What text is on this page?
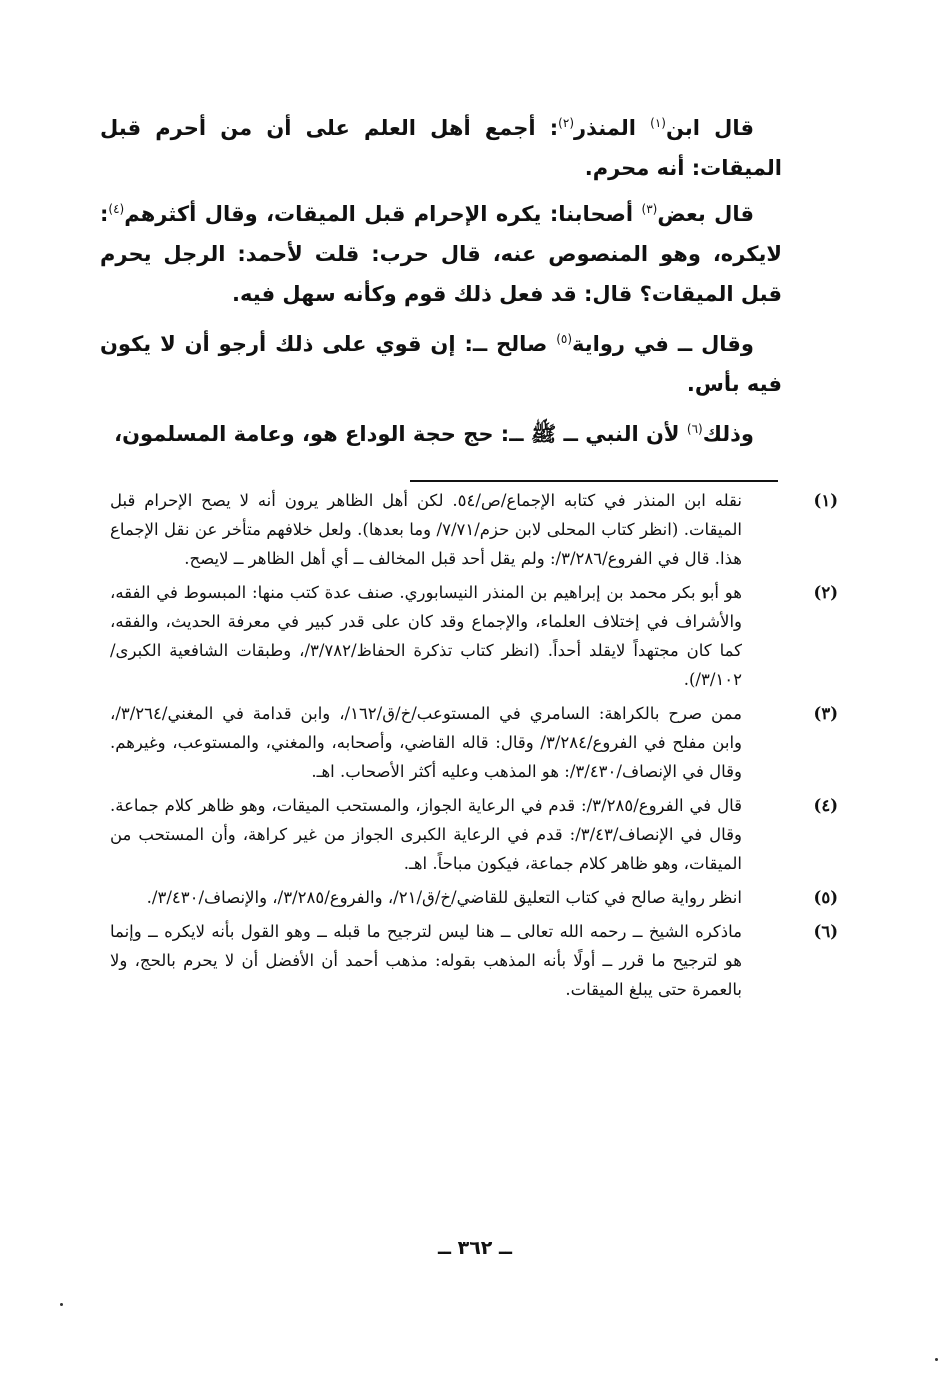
قال ابن$^{(١)}$ المنذر$^{(٢)}$: أجمع أهل العلم على أن من أحرم قبل الميقات: أنه محرم.

قال بعض$^{(٣)}$ أصحابنا: يكره الإحرام قبل الميقات، وقال أكثرهم$^{(٤)}$: لايكره، وهو المنصوص عنه، قال حرب: قلت لأحمد: الرجل يحرم قبل الميقات؟ قال: قد فعل ذلك قوم وكأنه سهل فيه.

وقال ــ في رواية$^{(٥)}$ صالح ــ: إن قوي على ذلك أرجو أن لا يكون فيه بأس.

وذلك$^{(٦)}$ لأن النبي ــ ﷺ ــ: حج حجة الوداع هو، وعامة المسلمون،

(١)
نقله ابن المنذر في كتابه الإجماع/ص/٥٤. لكن أهل الظاهر يرون أنه لا يصح الإحرام قبل الميقات. (انظر كتاب المحلى لابن حزم/٧/٧١/ وما بعدها). ولعل خلافهم متأخر عن نقل الإجماع هذا. قال في الفروع/٣/٢٨٦/: ولم يقل أحد قبل المخالف ــ أي أهل الظاهر ــ لايصح.
(٢)
هو أبو بكر محمد بن إبراهيم بن المنذر النيسابوري. صنف عدة كتب منها: المبسوط في الفقه، والأشراف في إختلاف العلماء، والإجماع وقد كان على قدر كبير في معرفة الحديث، والفقه، كما كان مجتهداً لايقلد أحداً. (انظر كتاب تذكرة الحفاظ/٣/٧٨٢/، وطبقات الشافعية الكبرى/٣/١٠٢/).
(٣)
ممن صرح بالكراهة: السامري في المستوعب/خ/ق/١٦٢/، وابن قدامة في المغني/٣/٢٦٤/، وابن مفلح في الفروع/٣/٢٨٤/ وقال: قاله القاضي، وأصحابه، والمغني، والمستوعب، وغيرهم. وقال في الإنصاف/٣/٤٣٠/: هو المذهب وعليه أكثر الأصحاب. اهـ.
(٤)
قال في الفروع/٣/٢٨٥/: قدم في الرعاية الجواز، والمستحب الميقات، وهو ظاهر كلام جماعة. وقال في الإنصاف/٣/٤٣/: قدم في الرعاية الكبرى الجواز من غير كراهة، وأن المستحب من الميقات، وهو ظاهر كلام جماعة، فيكون مباحاً. اهـ.
(٥)
انظر رواية صالح في كتاب التعليق للقاضي/خ/ق/٢١/، والفروع/٣/٢٨٥/، والإنصاف/٣/٤٣٠/.
(٦)
ماذكره الشيخ ــ رحمه الله تعالى ــ هنا ليس لترجيح ما قبله ــ وهو القول بأنه لايكره ــ وإنما هو لترجيح ما قرر ــ أولًا بأنه المذهب بقوله: مذهب أحمد أن الأفضل أن لا يحرم بالحج، ولا بالعمرة حتى يبلغ الميقات.
ــ ٣٦٢ ــ
